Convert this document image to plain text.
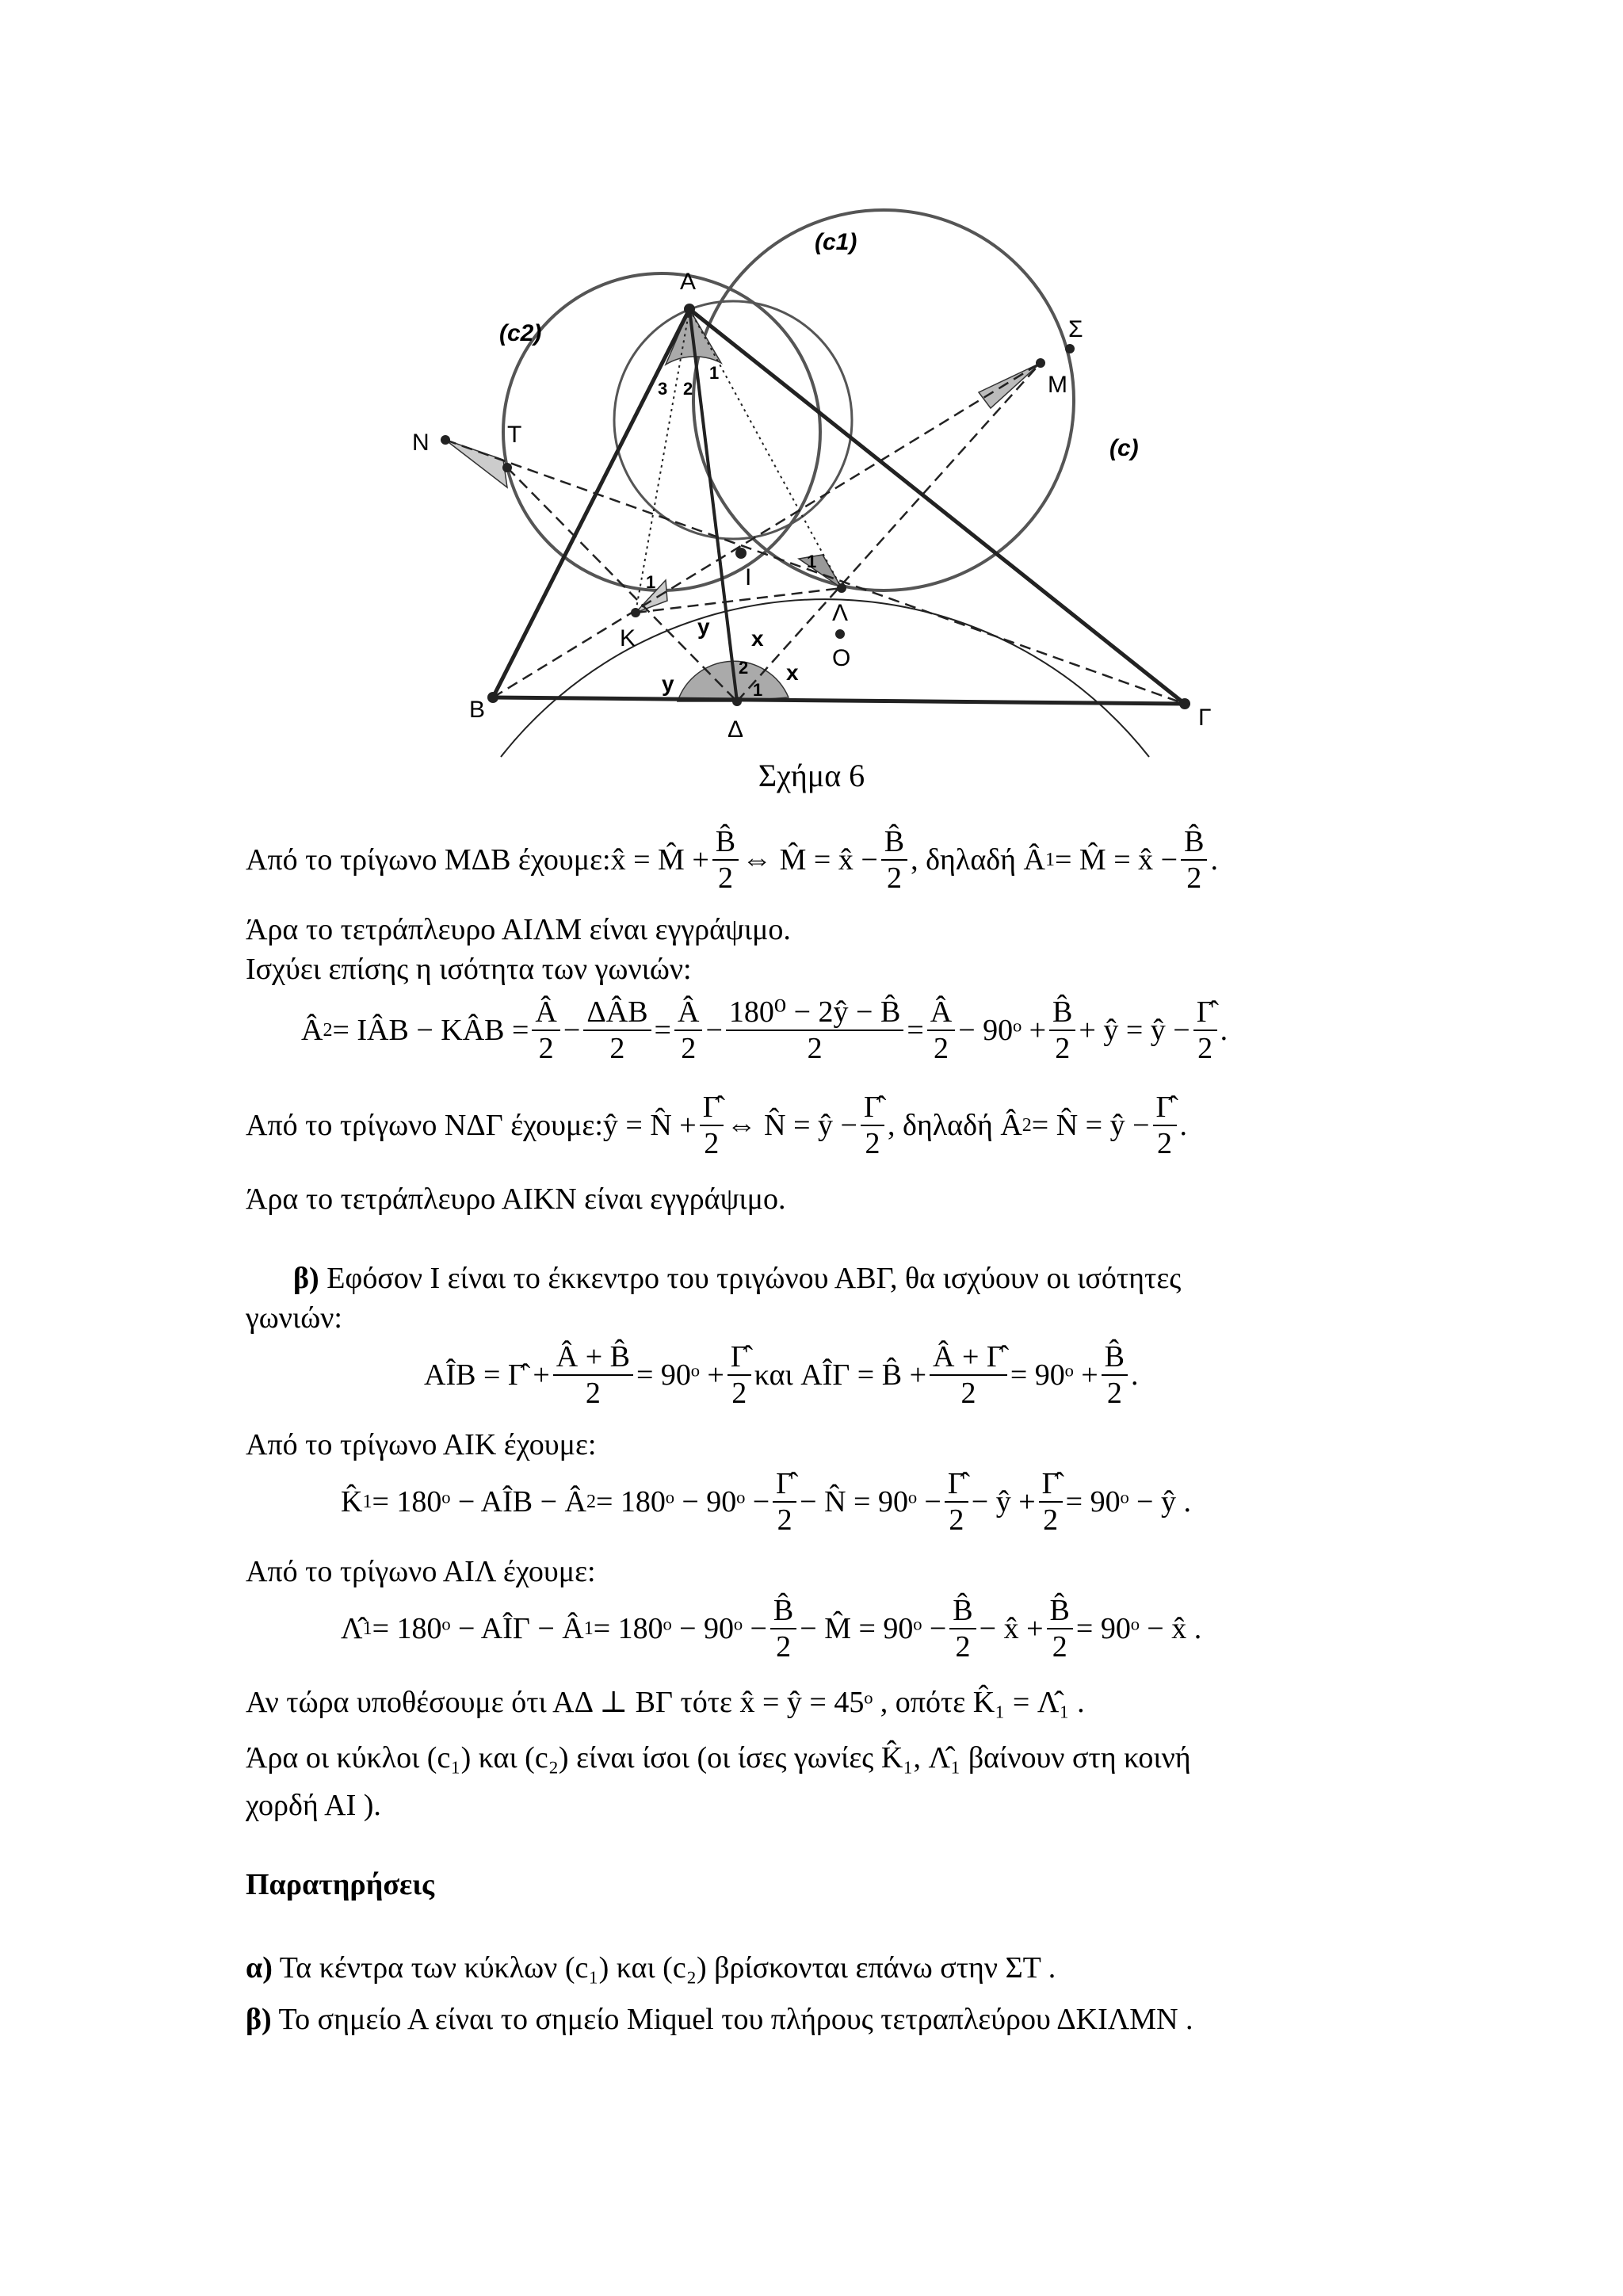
A
B	Γ
Δ
I
K
Λ
M
N	T
Σ
O
(c)
(c1)
(c2)
1
2
3
1
1
1
2
x
x
y
y
Σχήμα 6
Από το τρίγωνο ΜΔΒ έχουμε: x̂ = M̂ + $\frac{B̂}{2}$ ⇔ M̂ = x̂ − $\frac{B̂}{2}$ , δηλαδή Â 1 = M̂ = x̂ − $\frac{B̂}{2}$ .
Άρα το τετράπλευρο ΑΙΛΜ είναι εγγράψιμο.
Ισχύει επίσης η ισότητα των γωνιών:
Â 2 = IÂB − KÂB = $\frac{Â}{2} - \frac{\text{ΔÂB}}{2} = \frac{Â}{2} - \frac{\text{180⁰ − 2ŷ − B̂}}{2} = \frac{Â}{2}$ − 90ᵒ + $\frac{B̂}{2}$ + ŷ = ŷ − $\frac{\Gammâ}{2}$ .
Από το τρίγωνο ΝΔΓ έχουμε: ŷ = N̂ + $\frac{\Gammâ}{2}$ ⇔ N̂ = ŷ − $\frac{\Gammâ}{2}$ , δηλαδή Â 2 = N̂ = ŷ − $\frac{\Gammâ}{2}$ .
Άρα το τετράπλευρο ΑΙΚΝ είναι εγγράψιμο.
β) Εφόσον Ι είναι το έκκεντρο του τριγώνου ΑΒΓ, θα ισχύουν οι ισότητες
γωνιών:
AÎB = Γ̂ + $\frac{Â + B̂}{2}$ = 90ᵒ + $\frac{\Gammâ}{2}$ και AÎΓ = B̂ + $\frac{Â + \Gammâ}{2}$ = 90ᵒ + $\frac{B̂}{2}$ .
Από το τρίγωνο ΑΙΚ έχουμε:
K̂ 1 = 180ᵒ − AÎB − Â 2 = 180ᵒ − 90ᵒ − $\frac{\Gammâ}{2}$ − N̂ = 90ᵒ − $\frac{\Gammâ}{2}$ − ŷ + $\frac{\Gammâ}{2}$ = 90ᵒ − ŷ .
Από το τρίγωνο ΑΙΛ έχουμε:
Λ̂ 1 = 180ᵒ − AÎΓ − Â 1 = 180ᵒ − 90ᵒ − $\frac{B̂}{2}$ − M̂ = 90ᵒ − $\frac{B̂}{2}$ − x̂ + $\frac{B̂}{2}$ = 90ᵒ − x̂ .
Αν τώρα υποθέσουμε ότι ΑΔ ⊥ ΒΓ τότε x̂ = ŷ = 45ᵒ , οπότε K̂₁ = Λ̂₁ .
Άρα οι κύκλοι (c₁) και (c₂) είναι ίσοι (οι ίσες γωνίες K̂₁, Λ̂₁ βαίνουν στη κοινή
χορδή ΑΙ ).
Παρατηρήσεις
α) Τα κέντρα των κύκλων (c₁) και (c₂) βρίσκονται επάνω στην ΣΤ .
β) Το σημείο Α είναι το σημείο Miquel του πλήρους τετραπλεύρου ΔΚΙΛΜΝ .
